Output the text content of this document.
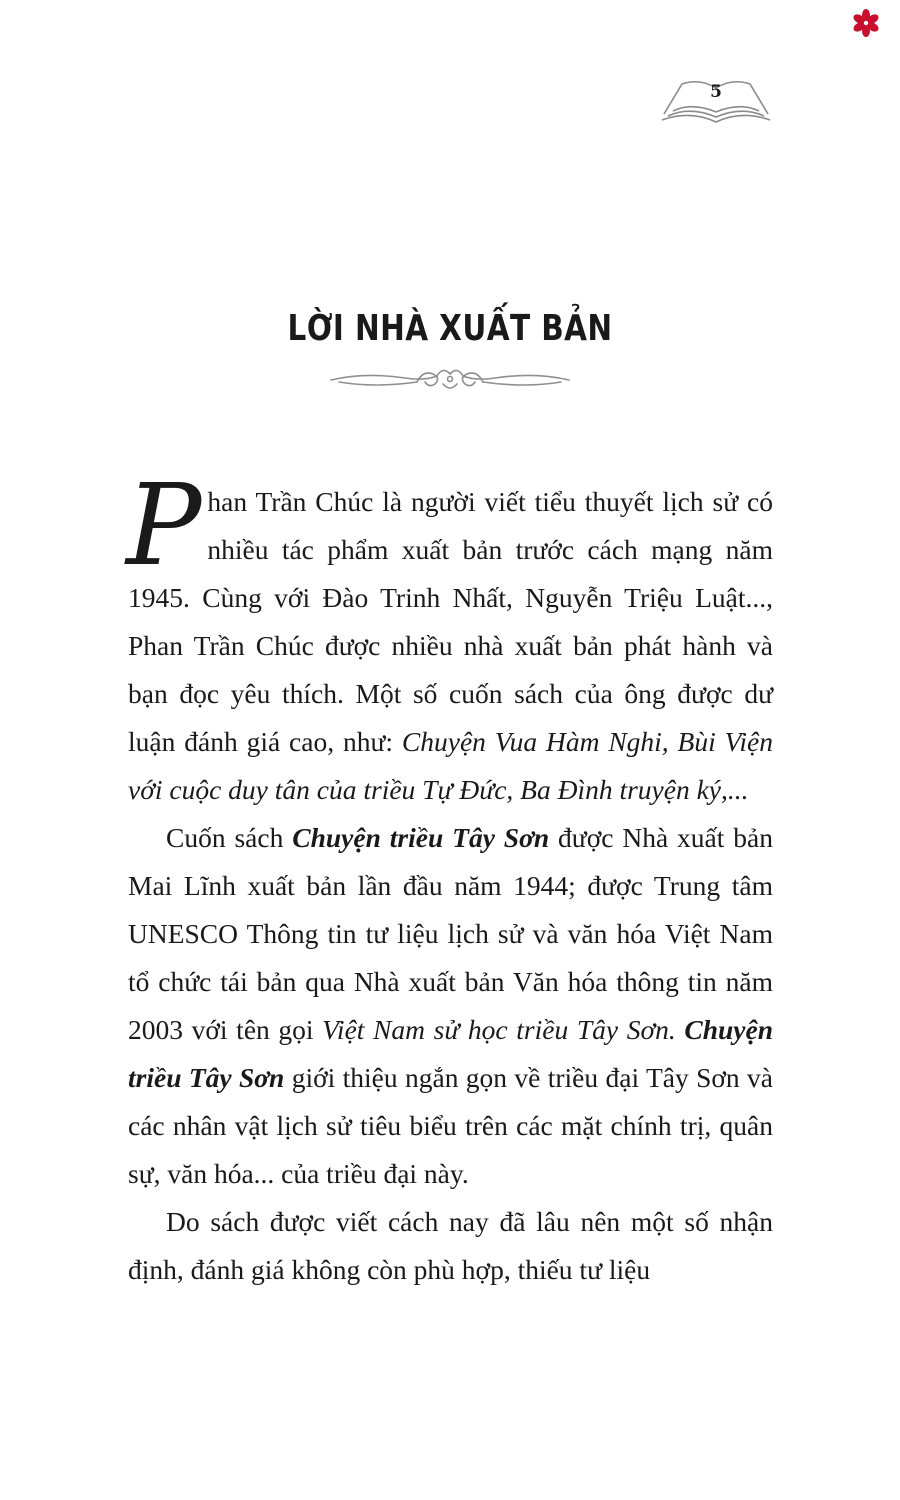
5
LỜI NHÀ XUẤT BẢN

Phan Trần Chúc là người viết tiểu thuyết lịch sử có nhiều tác phẩm xuất bản trước cách mạng năm 1945. Cùng với Đào Trinh Nhất, Nguyễn Triệu Luật..., Phan Trần Chúc được nhiều nhà xuất bản phát hành và bạn đọc yêu thích. Một số cuốn sách của ông được dư luận đánh giá cao, như: Chuyện Vua Hàm Nghi, Bùi Viện với cuộc duy tân của triều Tự Đức, Ba Đình truyện ký,...

Cuốn sách Chuyện triều Tây Sơn được Nhà xuất bản Mai Lĩnh xuất bản lần đầu năm 1944; được Trung tâm UNESCO Thông tin tư liệu lịch sử và văn hóa Việt Nam tổ chức tái bản qua Nhà xuất bản Văn hóa thông tin năm 2003 với tên gọi Việt Nam sử học triều Tây Sơn. Chuyện triều Tây Sơn giới thiệu ngắn gọn về triều đại Tây Sơn và các nhân vật lịch sử tiêu biểu trên các mặt chính trị, quân sự, văn hóa... của triều đại này.

Do sách được viết cách nay đã lâu nên một số nhận định, đánh giá không còn phù hợp, thiếu tư liệu
